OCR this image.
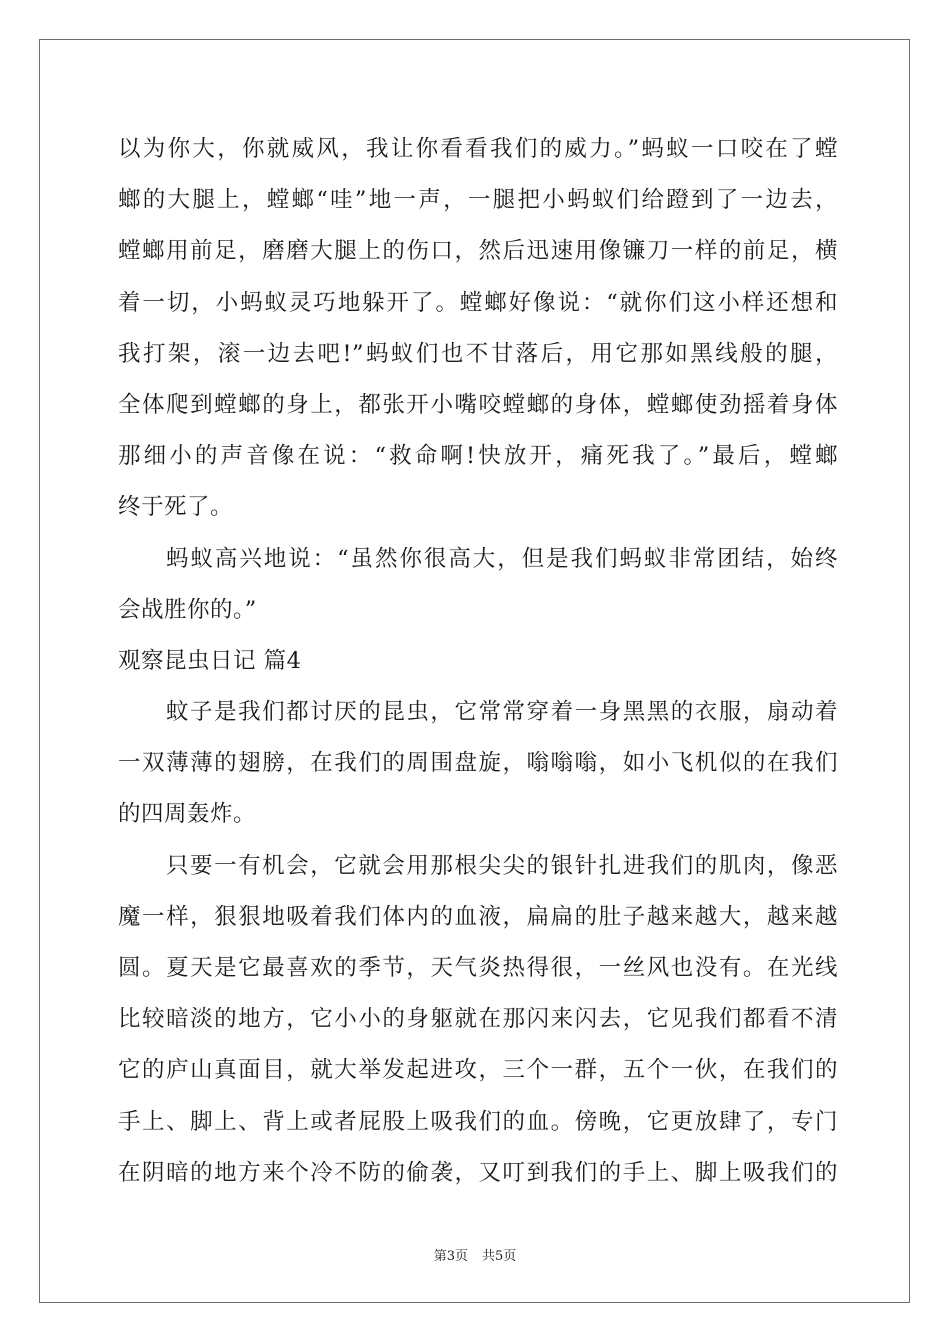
以为你大，你就威风，我让你看看我们的威力。”蚂蚁一口咬在了螳
螂的大腿上，螳螂“哇”地一声，一腿把小蚂蚁们给蹬到了一边去，
螳螂用前足，磨磨大腿上的伤口，然后迅速用像镰刀一样的前足，横
着一切，小蚂蚁灵巧地躲开了。螳螂好像说：“就你们这小样还想和
我打架，滚一边去吧!”蚂蚁们也不甘落后，用它那如黑线般的腿，
全体爬到螳螂的身上，都张开小嘴咬螳螂的身体，螳螂使劲摇着身体
那细小的声音像在说：“救命啊!快放开，痛死我了。”最后，螳螂
终于死了。
蚂蚁高兴地说：“虽然你很高大，但是我们蚂蚁非常团结，始终
会战胜你的。”
观察昆虫日记 篇4
蚊子是我们都讨厌的昆虫，它常常穿着一身黑黑的衣服，扇动着
一双薄薄的翅膀，在我们的周围盘旋，嗡嗡嗡，如小飞机似的在我们
的四周轰炸。
只要一有机会，它就会用那根尖尖的银针扎进我们的肌肉，像恶
魔一样，狠狠地吸着我们体内的血液，扁扁的肚子越来越大，越来越
圆。夏天是它最喜欢的季节，天气炎热得很，一丝风也没有。在光线
比较暗淡的地方，它小小的身躯就在那闪来闪去，它见我们都看不清
它的庐山真面目，就大举发起进攻，三个一群，五个一伙，在我们的
手上、脚上、背上或者屁股上吸我们的血。傍晚，它更放肆了，专门
在阴暗的地方来个冷不防的偷袭，又叮到我们的手上、脚上吸我们的
第3页 共5页
